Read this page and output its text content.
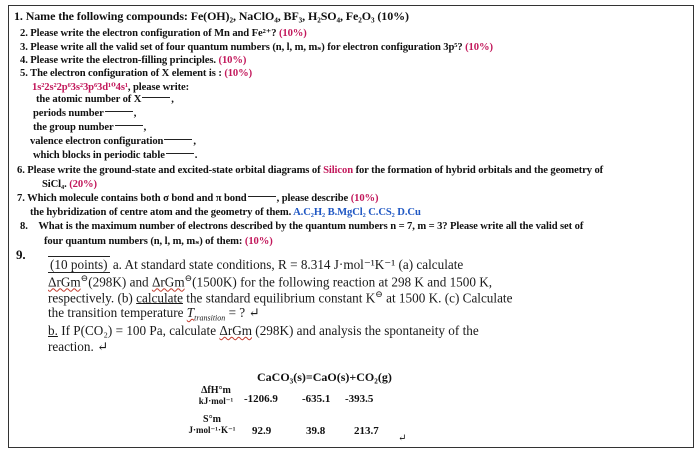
1. Name the following compounds: Fe(OH)₂, NaClO₄, BF₃, H₂SO₄, Fe₂O₃ (10%)
2. Please write the electron configuration of Mn and Fe²⁺? (10%)
3. Please write all the valid set of four quantum numbers (n, l, m, mₛ) for electron configuration 3p⁵? (10%)
4. Please write the electron-filling principles. (10%)
5. The electron configuration of X element is : (10%)
1s²2s²2p⁶3s²3p⁶3d¹⁰4s¹, please write:
the atomic number of X	,
periods number	,
the group number	,
valence electron configuration	,
which blocks in periodic table	.
6. Please write the ground-state and excited-state orbital diagrams of Silicon for the formation of hybrid orbitals and the geometry of
SiCl₄. (20%)
7. Which molecule contains both σ bond and π bond	, please describe (10%)
the hybridization of centre atom and the geometry of them. A.C₂H₂ B.MgCl₂ C.CS₂ D.Cu
8. What is the maximum number of electrons described by the quantum numbers n = 7, m = 3? Please write all the valid set of
four quantum numbers (n, l, m, mₛ) of them: (10%)
9.
(10 points) a. At standard state conditions, R = 8.314 J·mol⁻¹K⁻¹ (a) calculate
ΔrGm⊖(298K) and ΔrGm⊖(1500K) for the following reaction at 298 K and 1500 K,
respectively. (b) calculate the standard equilibrium constant K⊖ at 1500 K. (c) Calculate
the transition temperature $T_{transition}$ = ? ↵
b. If P(CO₂) = 100 Pa, calculate ΔrGm (298K) and analysis the spontaneity of the
reaction. ↵
CaCO₃(s)=CaO(s)+CO₂(g)
ΔfH°m
kJ·mol⁻¹ -1206.9 -635.1 -393.5
S°m
J·mol⁻¹·K⁻¹	92.9	39.8	213.7
↵
